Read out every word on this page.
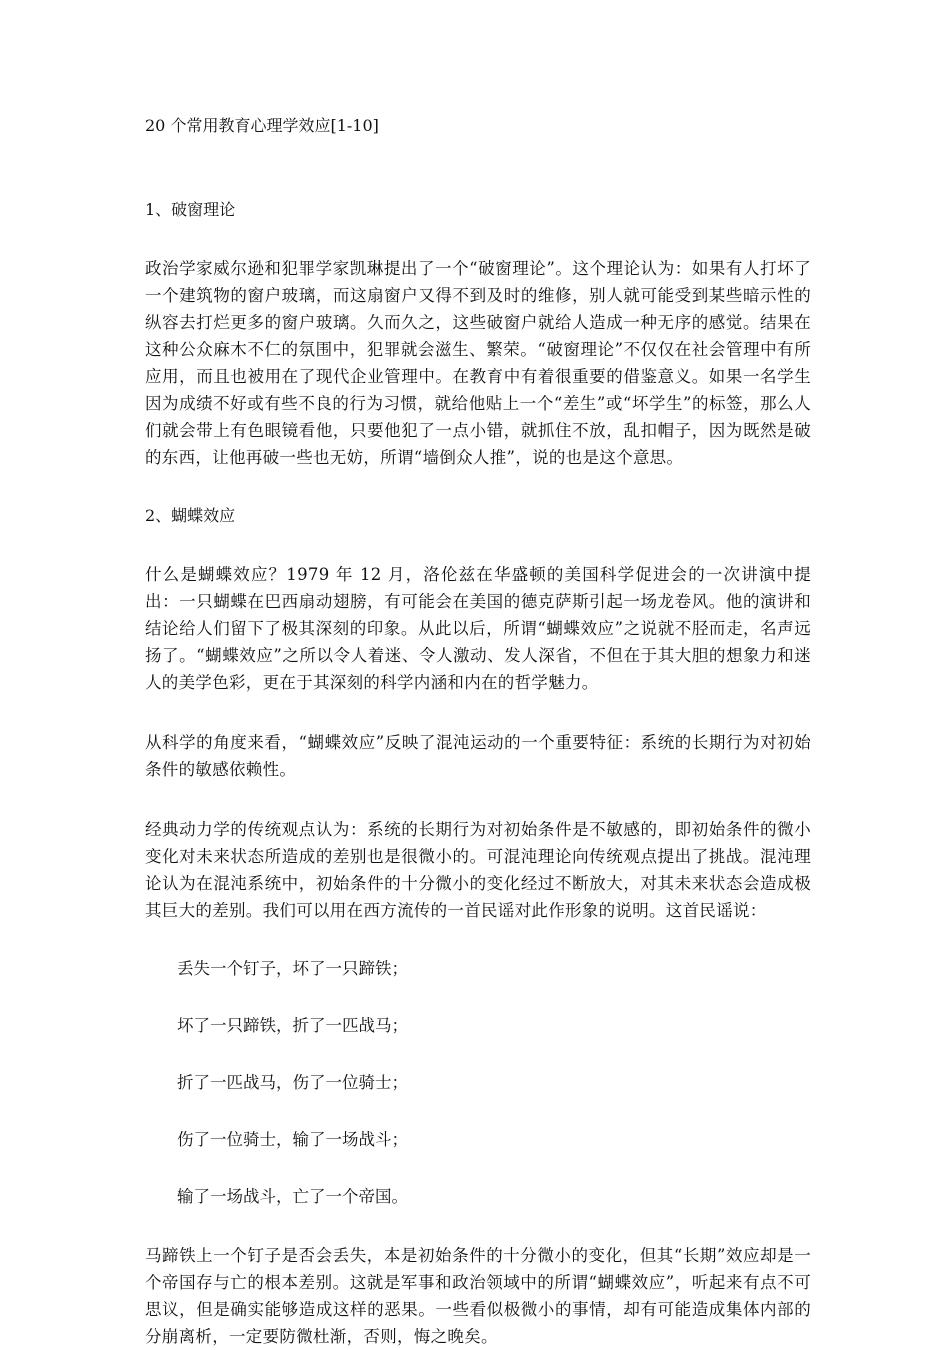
20 个常用教育心理学效应[1-10]
1、破窗理论

政治学家威尔逊和犯罪学家凯琳提出了一个“破窗理论”。这个理论认为：如果有人打坏了一个建筑物的窗户玻璃，而这扇窗户又得不到及时的维修，别人就可能受到某些暗示性的纵容去打烂更多的窗户玻璃。久而久之，这些破窗户就给人造成一种无序的感觉。结果在这种公众麻木不仁的氛围中，犯罪就会滋生、繁荣。“破窗理论”不仅仅在社会管理中有所应用，而且也被用在了现代企业管理中。在教育中有着很重要的借鉴意义。如果一名学生因为成绩不好或有些不良的行为习惯，就给他贴上一个“差生”或“坏学生”的标签，那么人们就会带上有色眼镜看他，只要他犯了一点小错，就抓住不放，乱扣帽子，因为既然是破的东西，让他再破一些也无妨，所谓“墙倒众人推”，说的也是这个意思。

2、蝴蝶效应

什么是蝴蝶效应？1979 年 12 月，洛伦兹在华盛顿的美国科学促进会的一次讲演中提出：一只蝴蝶在巴西扇动翅膀，有可能会在美国的德克萨斯引起一场龙卷风。他的演讲和结论给人们留下了极其深刻的印象。从此以后，所谓“蝴蝶效应”之说就不胫而走，名声远扬了。“蝴蝶效应”之所以令人着迷、令人激动、发人深省，不但在于其大胆的想象力和迷人的美学色彩，更在于其深刻的科学内涵和内在的哲学魅力。

从科学的角度来看，“蝴蝶效应”反映了混沌运动的一个重要特征：系统的长期行为对初始条件的敏感依赖性。

经典动力学的传统观点认为：系统的长期行为对初始条件是不敏感的，即初始条件的微小变化对未来状态所造成的差别也是很微小的。可混沌理论向传统观点提出了挑战。混沌理论认为在混沌系统中，初始条件的十分微小的变化经过不断放大，对其未来状态会造成极其巨大的差别。我们可以用在西方流传的一首民谣对此作形象的说明。这首民谣说：

丢失一个钉子，坏了一只蹄铁；
坏了一只蹄铁，折了一匹战马；
折了一匹战马，伤了一位骑士；
伤了一位骑士，输了一场战斗；
输了一场战斗，亡了一个帝国。

马蹄铁上一个钉子是否会丢失，本是初始条件的十分微小的变化，但其“长期”效应却是一个帝国存与亡的根本差别。这就是军事和政治领域中的所谓“蝴蝶效应”，听起来有点不可思议，但是确实能够造成这样的恶果。一些看似极微小的事情，却有可能造成集体内部的分崩离析，一定要防微杜渐，否则，悔之晚矣。
